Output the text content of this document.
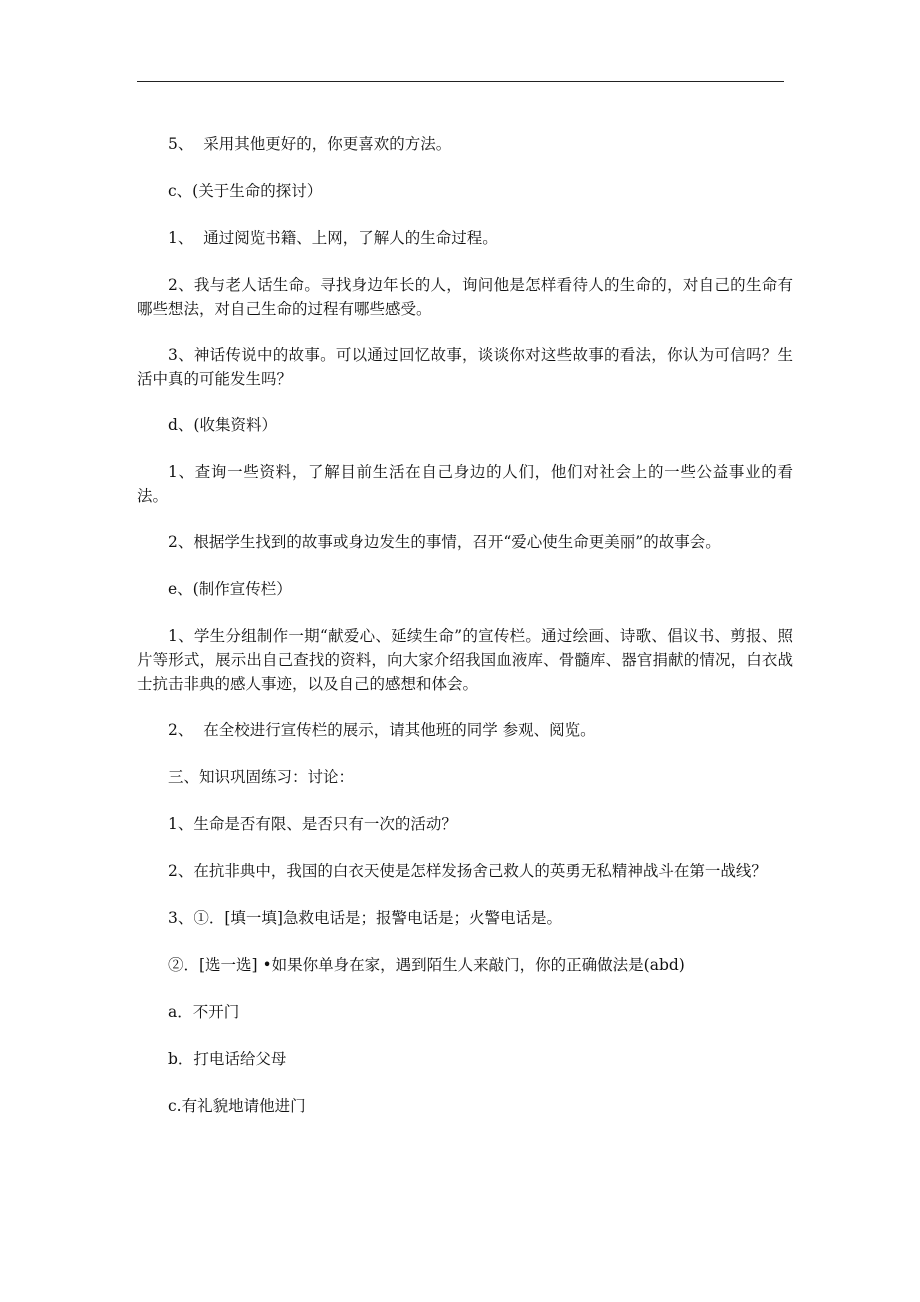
5、  采用其他更好的，你更喜欢的方法。

c、(关于生命的探讨）

1、  通过阅览书籍、上网，了解人的生命过程。

2、我与老人话生命。寻找身边年长的人，询问他是怎样看待人的生命的，对自己的生命有哪些想法，对自己生命的过程有哪些感受。

3、神话传说中的故事。可以通过回忆故事，谈谈你对这些故事的看法，你认为可信吗？生活中真的可能发生吗？

d、(收集资料）

1、查询一些资料，了解目前生活在自己身边的人们，他们对社会上的一些公益事业的看法。

2、根据学生找到的故事或身边发生的事情，召开“爱心使生命更美丽”的故事会。

e、(制作宣传栏）

1、学生分组制作一期“献爱心、延续生命”的宣传栏。通过绘画、诗歌、倡议书、剪报、照片等形式，展示出自己查找的资料，向大家介绍我国血液库、骨髓库、器官捐献的情况，白衣战士抗击非典的感人事迹，以及自己的感想和体会。

2、  在全校进行宣传栏的展示，请其他班的同学 参观、阅览。

三、知识巩固练习：讨论：

1、生命是否有限、是否只有一次的活动？

2、在抗非典中，我国的白衣天使是怎样发扬舍己救人的英勇无私精神战斗在第一战线？

3、①．[填一填]急救电话是；报警电话是；火警电话是。

②．[选一选] •如果你单身在家，遇到陌生人来敲门，你的正确做法是(abd)

a．不开门

b．打电话给父母

c.有礼貌地请他进门
